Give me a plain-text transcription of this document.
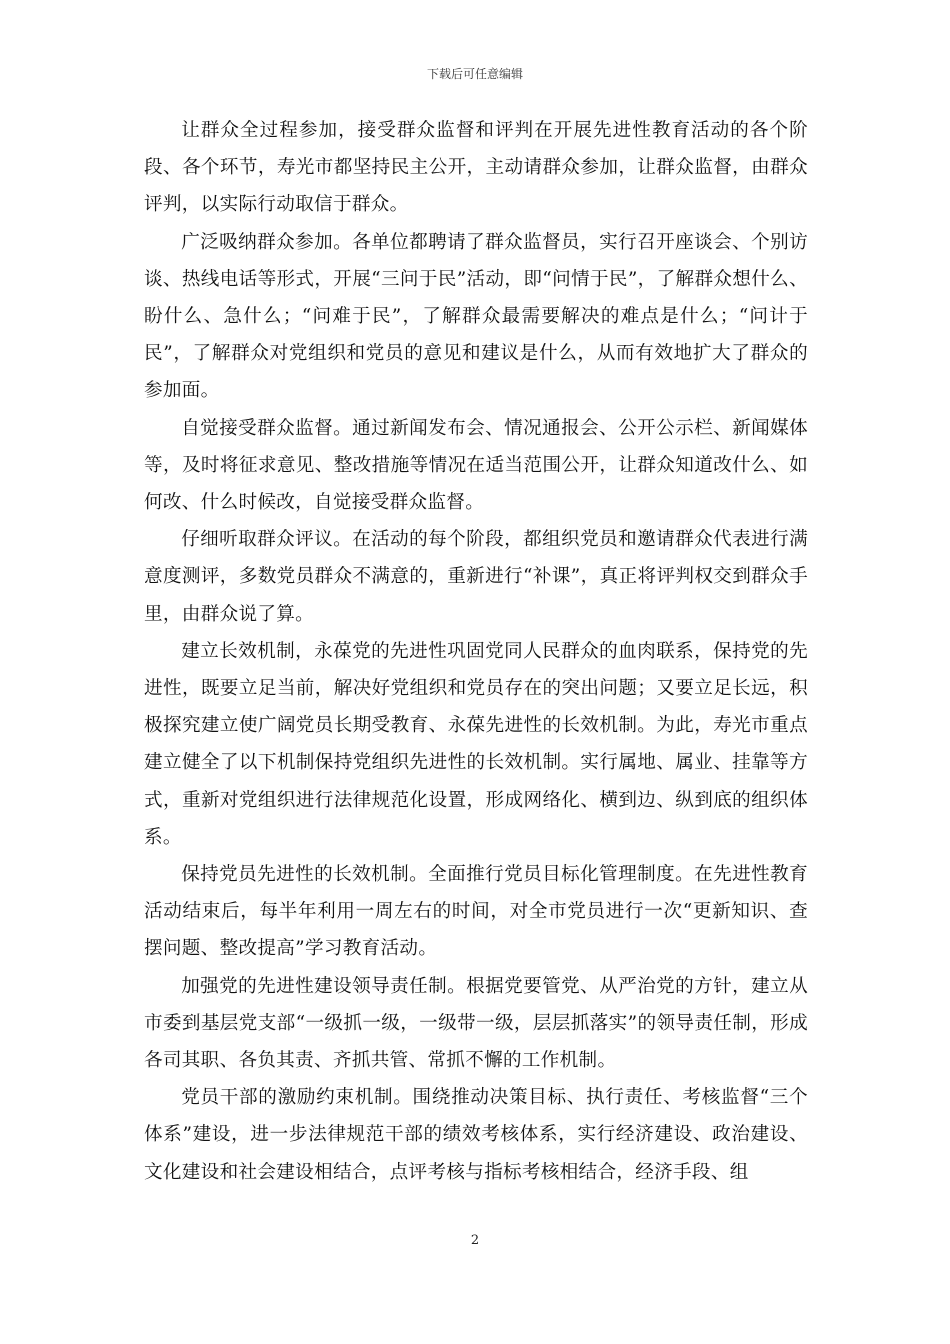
下载后可任意编辑

让群众全过程参加，接受群众监督和评判在开展先进性教育活动的各个阶段、各个环节，寿光市都坚持民主公开，主动请群众参加，让群众监督，由群众评判，以实际行动取信于群众。

广泛吸纳群众参加。各单位都聘请了群众监督员，实行召开座谈会、个别访谈、热线电话等形式，开展“三问于民”活动，即“问情于民”，了解群众想什么、盼什么、急什么；“问难于民”，了解群众最需要解决的难点是什么；“问计于民”，了解群众对党组织和党员的意见和建议是什么，从而有效地扩大了群众的参加面。

自觉接受群众监督。通过新闻发布会、情况通报会、公开公示栏、新闻媒体等，及时将征求意见、整改措施等情况在适当范围公开，让群众知道改什么、如何改、什么时候改，自觉接受群众监督。

仔细听取群众评议。在活动的每个阶段，都组织党员和邀请群众代表进行满意度测评，多数党员群众不满意的，重新进行“补课”，真正将评判权交到群众手里，由群众说了算。

建立长效机制，永葆党的先进性巩固党同人民群众的血肉联系，保持党的先进性，既要立足当前，解决好党组织和党员存在的突出问题；又要立足长远，积极探究建立使广阔党员长期受教育、永葆先进性的长效机制。为此，寿光市重点建立健全了以下机制保持党组织先进性的长效机制。实行属地、属业、挂靠等方式，重新对党组织进行法律规范化设置，形成网络化、横到边、纵到底的组织体系。

保持党员先进性的长效机制。全面推行党员目标化管理制度。在先进性教育活动结束后，每半年利用一周左右的时间，对全市党员进行一次“更新知识、查摆问题、整改提高”学习教育活动。

加强党的先进性建设领导责任制。根据党要管党、从严治党的方针，建立从市委到基层党支部“一级抓一级，一级带一级，层层抓落实”的领导责任制，形成各司其职、各负其责、齐抓共管、常抓不懈的工作机制。

党员干部的激励约束机制。围绕推动决策目标、执行责任、考核监督“三个体系”建设，进一步法律规范干部的绩效考核体系，实行经济建设、政治建设、文化建设和社会建设相结合，点评考核与指标考核相结合，经济手段、组

2
